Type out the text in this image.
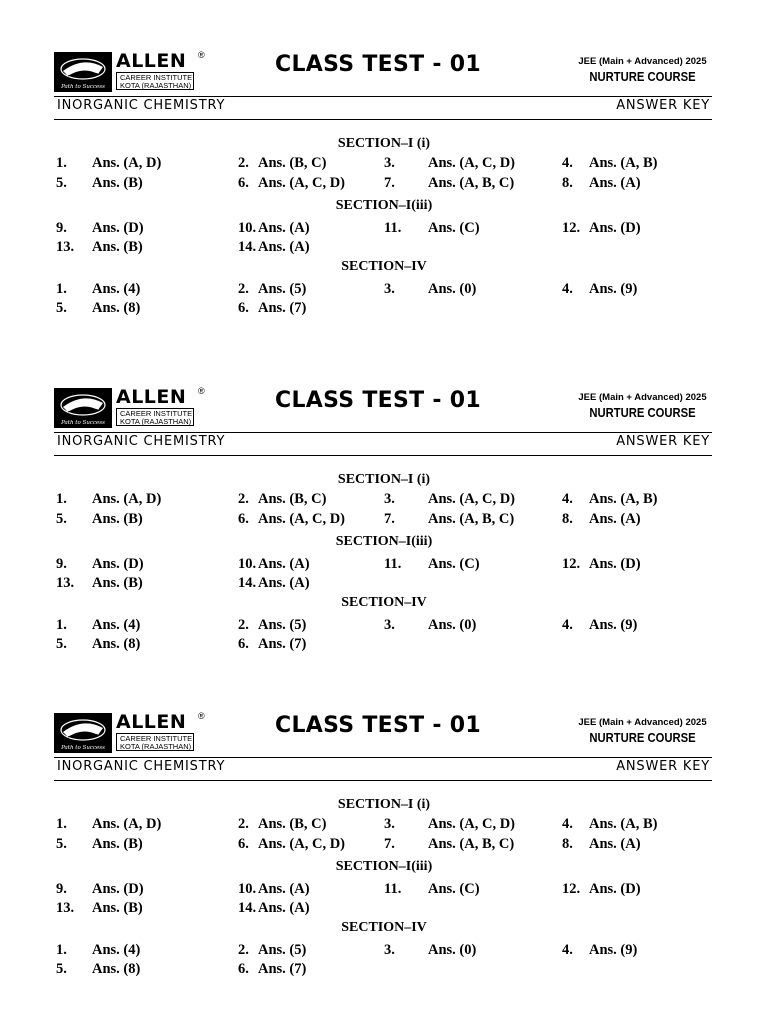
Path to Success
ALLEN
CAREER INSTITUTE
KOTA (RAJASTHAN)
®	CLASS TEST - 01	JEE (Main + Advanced) 2025
NURTURE COURSE
INORGANIC CHEMISTRY	ANSWER KEY
SECTION–I (i)
1. Ans. (A, D)	2. Ans. (B, C)	3. Ans. (A, C, D)	4. Ans. (A, B)
5. Ans. (B)	6. Ans. (A, C, D)	7. Ans. (A, B, C)	8. Ans. (A)
SECTION–I(iii)
9. Ans. (D)	10. Ans. (A)	11. Ans. (C)	12. Ans. (D)
13. Ans. (B)	14. Ans. (A)
SECTION–IV
1. Ans. (4)	2. Ans. (5)	3. Ans. (0)	4. Ans. (9)
5. Ans. (8)	6. Ans. (7)
Path to Success
ALLEN
CAREER INSTITUTE
KOTA (RAJASTHAN)
®	CLASS TEST - 01	JEE (Main + Advanced) 2025
NURTURE COURSE
INORGANIC CHEMISTRY	ANSWER KEY
SECTION–I (i)
1. Ans. (A, D)	2. Ans. (B, C)	3. Ans. (A, C, D)	4. Ans. (A, B)
5. Ans. (B)	6. Ans. (A, C, D)	7. Ans. (A, B, C)	8. Ans. (A)
SECTION–I(iii)
9. Ans. (D)	10. Ans. (A)	11. Ans. (C)	12. Ans. (D)
13. Ans. (B)	14. Ans. (A)
SECTION–IV
1. Ans. (4)	2. Ans. (5)	3. Ans. (0)	4. Ans. (9)
5. Ans. (8)	6. Ans. (7)
Path to Success
ALLEN
CAREER INSTITUTE
KOTA (RAJASTHAN)
®	CLASS TEST - 01	JEE (Main + Advanced) 2025
NURTURE COURSE
INORGANIC CHEMISTRY	ANSWER KEY
SECTION–I (i)
1. Ans. (A, D)	2. Ans. (B, C)	3. Ans. (A, C, D)	4. Ans. (A, B)
5. Ans. (B)	6. Ans. (A, C, D)	7. Ans. (A, B, C)	8. Ans. (A)
SECTION–I(iii)
9. Ans. (D)	10. Ans. (A)	11. Ans. (C)	12. Ans. (D)
13. Ans. (B)	14. Ans. (A)
SECTION–IV
1. Ans. (4)	2. Ans. (5)	3. Ans. (0)	4. Ans. (9)
5. Ans. (8)	6. Ans. (7)
